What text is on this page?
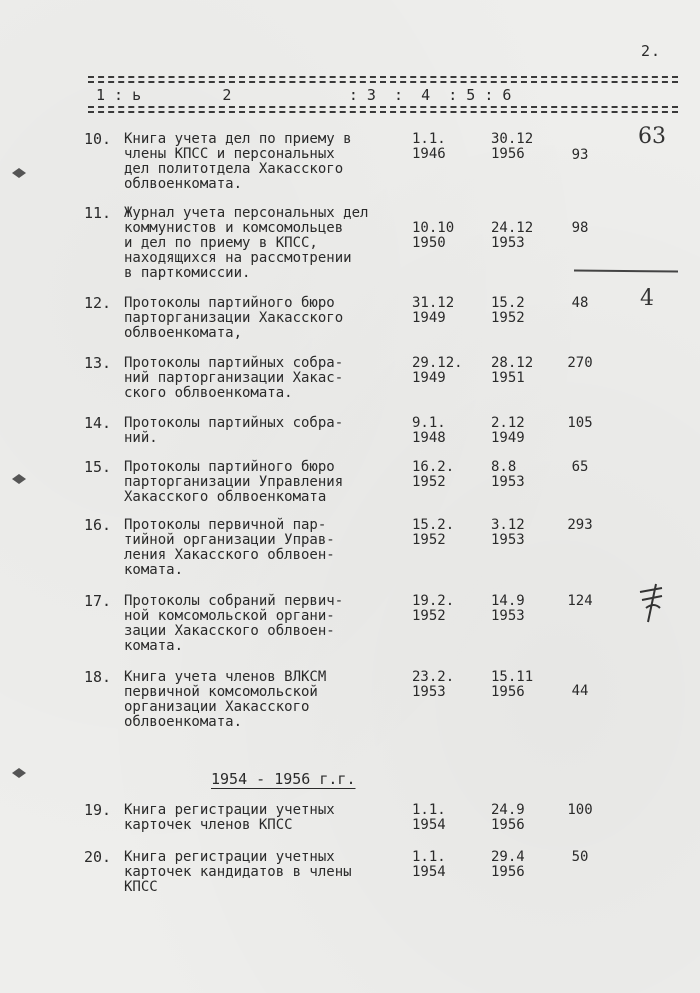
2.
1 : ь         2             : 3  :  4  : 5 : 6
10. Книга учета дел по приему в
члены КПСС и персональных
дел политотдела Хакасского
облвоенкомата.
1.1.
1946
30.12
1956	93
11. Журнал учета персональных дел
коммунистов и комсомольцев
и дел по приему в КПСС,
находящихся на рассмотрении
в парткомиссии.
10.10
1950
24.12
1953
98
12. Протоколы партийного бюро
парторганизации Хакасского
облвоенкомата,
31.12
1949
15.2
1952
48
13. Протоколы партийных собра-
ний парторганизации Хакас-
ского облвоенкомата.
29.12.
1949
28.12
1951
270
14. Протоколы партийных собра-
ний.
9.1.
1948
2.12
1949
105
15. Протоколы партийного бюро
парторганизации Управления
Хакасского облвоенкомата
16.2.
1952
8.8
1953
65
16. Протоколы первичной пар-
тийной организации Управ-
ления Хакасского облвоен-
комата.
15.2.
1952
3.12
1953
293
17. Протоколы собраний первич-
ной комсомольской органи-
зации Хакасского облвоен-
комата.
19.2.
1952
14.9
1953
124
18. Книга учета членов ВЛКСМ
первичной комсомольской
организации Хакасского
облвоенкомата.
23.2.
1953
15.11
1956	44
1954 - 1956 г.г.
19. Книга регистрации учетных
карточек членов КПСС
1.1.
1954
24.9
1956
100
20. Книга регистрации учетных
карточек кандидатов в члены
КПСС
1.1.
1954
29.4
1956
50
63
4
